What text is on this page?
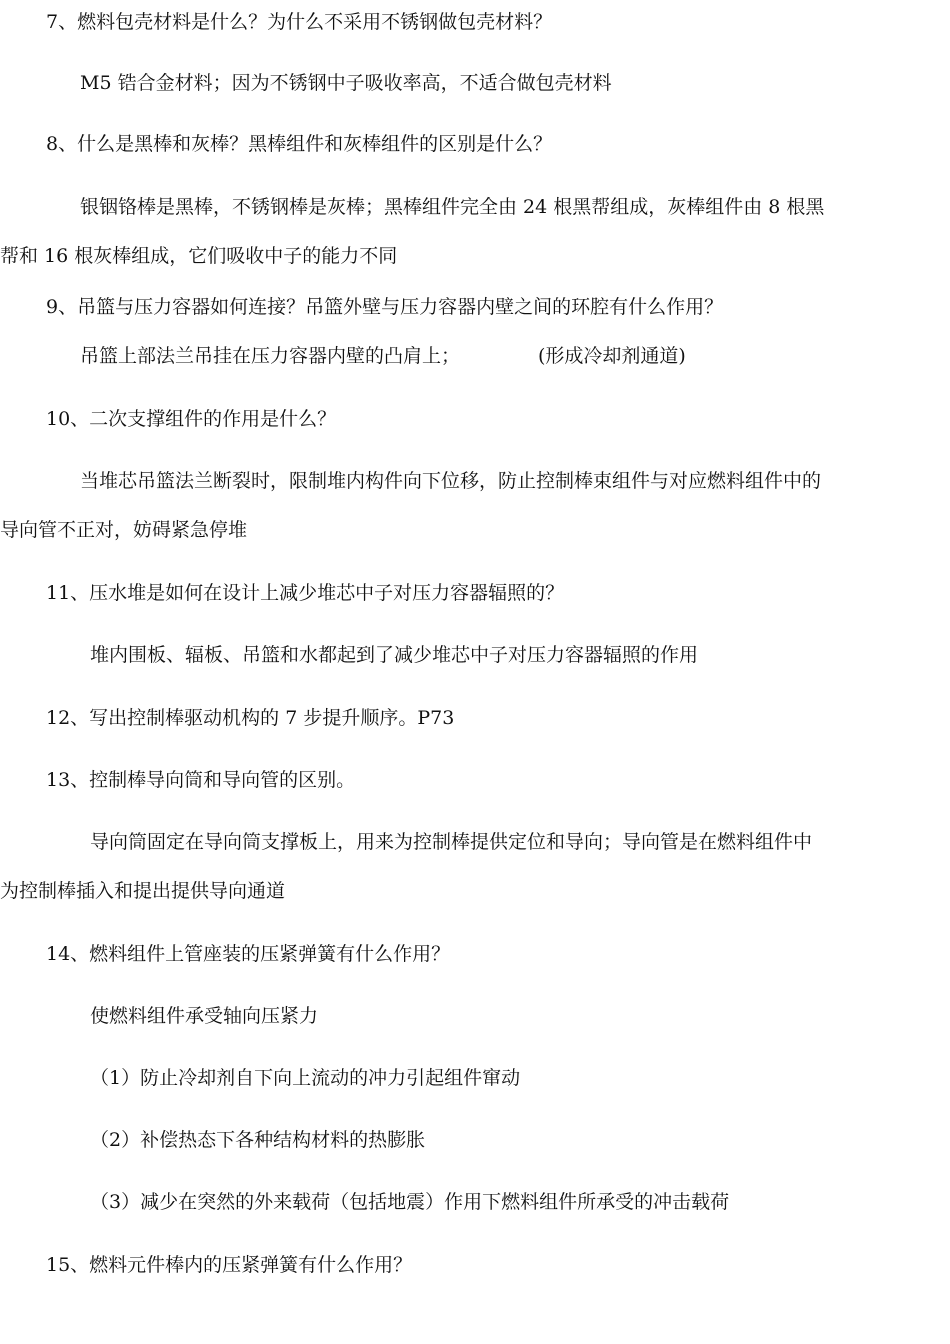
7、燃料包壳材料是什么？为什么不采用不锈钢做包壳材料？
M5 锆合金材料；因为不锈钢中子吸收率高，不适合做包壳材料
8、什么是黑棒和灰棒？黑棒组件和灰棒组件的区别是什么？
银铟铬棒是黑棒，不锈钢棒是灰棒；黑棒组件完全由 24 根黑帮组成，灰棒组件由 8 根黑
帮和 16 根灰棒组成，它们吸收中子的能力不同
9、吊篮与压力容器如何连接？吊篮外壁与压力容器内壁之间的环腔有什么作用？
吊篮上部法兰吊挂在压力容器内壁的凸肩上；	(形成冷却剂通道)
10、二次支撑组件的作用是什么？
当堆芯吊篮法兰断裂时，限制堆内构件向下位移，防止控制棒束组件与对应燃料组件中的
导向管不正对，妨碍紧急停堆
11、压水堆是如何在设计上减少堆芯中子对压力容器辐照的？
堆内围板、辐板、吊篮和水都起到了减少堆芯中子对压力容器辐照的作用
12、写出控制棒驱动机构的 7 步提升顺序。P73
13、控制棒导向筒和导向管的区别。
导向筒固定在导向筒支撑板上，用来为控制棒提供定位和导向；导向管是在燃料组件中
为控制棒插入和提出提供导向通道
14、燃料组件上管座装的压紧弹簧有什么作用？
使燃料组件承受轴向压紧力
（1）防止冷却剂自下向上流动的冲力引起组件窜动
（2）补偿热态下各种结构材料的热膨胀
（3）减少在突然的外来载荷（包括地震）作用下燃料组件所承受的冲击载荷
15、燃料元件棒内的压紧弹簧有什么作用？
